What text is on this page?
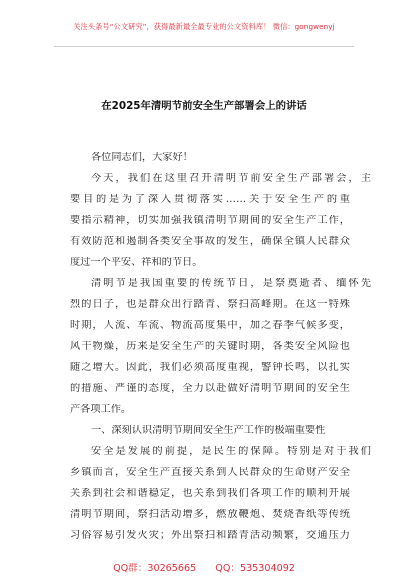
关注头条号“公文研究”，获得最新最全最专业的公文资料库！ 微信：gongwenyj
在2025年清明节前安全生产部署会上的讲话
各位同志们，大家好！
今天，我们在这里召开清明节前安全生产部署会，主
要目的是为了深入贯彻落实……关于安全生产的重
要指示精神，切实加强我镇清明节期间的安全生产工作，
有效防范和遏制各类安全事故的发生，确保全镇人民群众
度过一个平安、祥和的节日。
清明节是我国重要的传统节日，是祭奠逝者、缅怀先
烈的日子，也是群众出行踏青、祭扫高峰期。在这一特殊
时期，人流、车流、物流高度集中，加之春季气候多变，
风干物燥，历来是安全生产的关键时期，各类安全风险也
随之增大。因此，我们必须高度重视，警钟长鸣，以扎实
的措施、严谨的态度，全力以赴做好清明节期间的安全生
产各项工作。
一、深刻认识清明节期间安全生产工作的极端重要性
安全是发展的前提，是民生的保障。特别是对于我们
乡镇而言，安全生产直接关系到人民群众的生命财产安全
关系到社会和谐稳定，也关系到我们各项工作的顺利开展
清明节期间，祭扫活动增多，燃放鞭炮、焚烧香纸等传统
习俗容易引发火灾；外出祭扫和踏青活动频繁，交通压力
QQ群：30265665 QQ：535304092
